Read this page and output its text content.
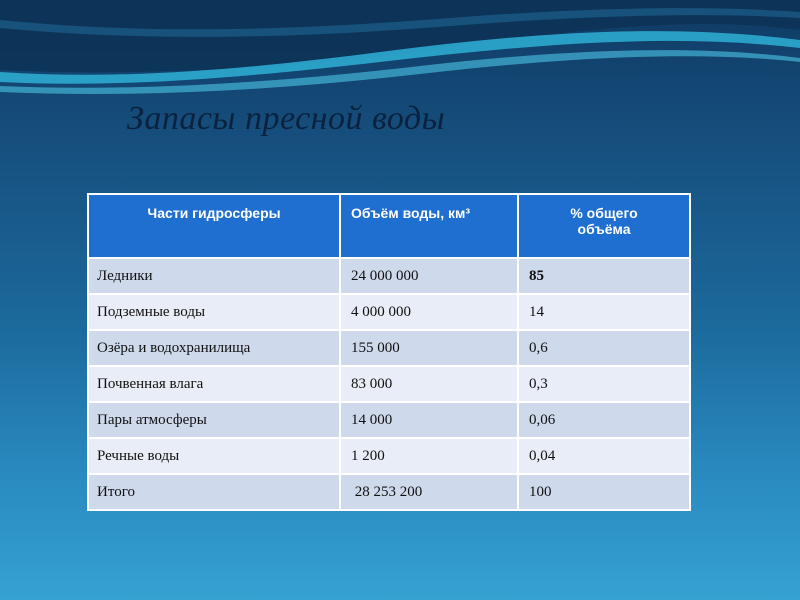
Запасы пресной воды
Части гидросферы	Объём воды, км³	% общего
объёма
Ледники	24 000 000	85
Подземные воды	4 000 000	14
Озёра и водохранилища	155 000	0,6
Почвенная влага	83 000	0,3
Пары атмосферы	14 000	0,06
Речные воды	1 200	0,04
Итого	28 253 200	100
